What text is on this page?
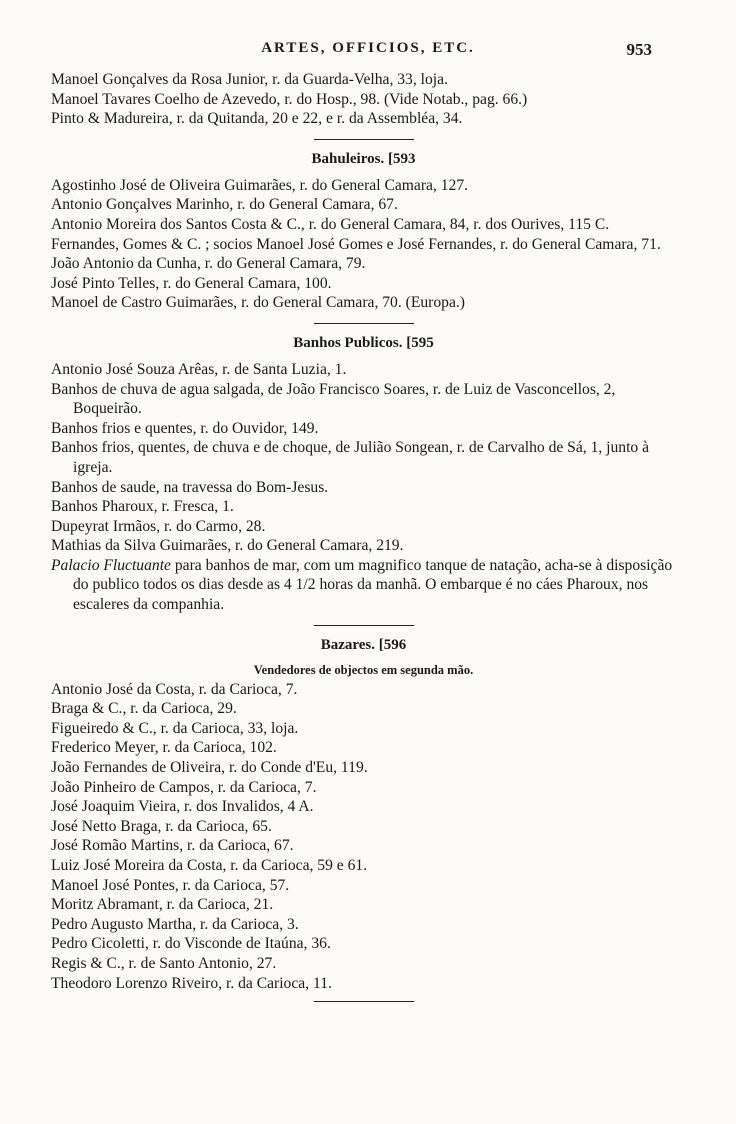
ARTES, OFFICIOS, ETC.	953
Manoel Gonçalves da Rosa Junior, r. da Guarda-Velha, 33, loja.
Manoel Tavares Coelho de Azevedo, r. do Hosp., 98. (Vide Notab., pag. 66.)
Pinto & Madureira, r. da Quitanda, 20 e 22, e r. da Assembléa, 34.
Bahuleiros. [593
Agostinho José de Oliveira Guimarães, r. do General Camara, 127.
Antonio Gonçalves Marinho, r. do General Camara, 67.
Antonio Moreira dos Santos Costa & C., r. do General Camara, 84, r. dos Ourives, 115 C.
Fernandes, Gomes & C. ; socios Manoel José Gomes e José Fernandes, r. do General Camara, 71.
João Antonio da Cunha, r. do General Camara, 79.
José Pinto Telles, r. do General Camara, 100.
Manoel de Castro Guimarães, r. do General Camara, 70. (Europa.)
Banhos Publicos. [595
Antonio José Souza Arêas, r. de Santa Luzia, 1.
Banhos de chuva de agua salgada, de João Francisco Soares, r. de Luiz de Vasconcellos, 2, Boqueirão.
Banhos frios e quentes, r. do Ouvidor, 149.
Banhos frios, quentes, de chuva e de choque, de Julião Songean, r. de Carvalho de Sá, 1, junto à igreja.
Banhos de saude, na travessa do Bom-Jesus.
Banhos Pharoux, r. Fresca, 1.
Dupeyrat Irmãos, r. do Carmo, 28.
Mathias da Silva Guimarães, r. do General Camara, 219.
Palacio Fluctuante para banhos de mar, com um magnifico tanque de natação, acha-se à disposição do publico todos os dias desde as 4 1/2 horas da manhã. O embarque é no cáes Pharoux, nos escaleres da companhia.
Bazares. [596
Vendedores de objectos em segunda mão.
Antonio José da Costa, r. da Carioca, 7.
Braga & C., r. da Carioca, 29.
Figueiredo & C., r. da Carioca, 33, loja.
Frederico Meyer, r. da Carioca, 102.
João Fernandes de Oliveira, r. do Conde d'Eu, 119.
João Pinheiro de Campos, r. da Carioca, 7.
José Joaquim Vieira, r. dos Invalidos, 4 A.
José Netto Braga, r. da Carioca, 65.
José Romão Martins, r. da Carioca, 67.
Luiz José Moreira da Costa, r. da Carioca, 59 e 61.
Manoel José Pontes, r. da Carioca, 57.
Moritz Abramant, r. da Carioca, 21.
Pedro Augusto Martha, r. da Carioca, 3.
Pedro Cicoletti, r. do Visconde de Itaúna, 36.
Regis & C., r. de Santo Antonio, 27.
Theodoro Lorenzo Riveiro, r. da Carioca, 11.
